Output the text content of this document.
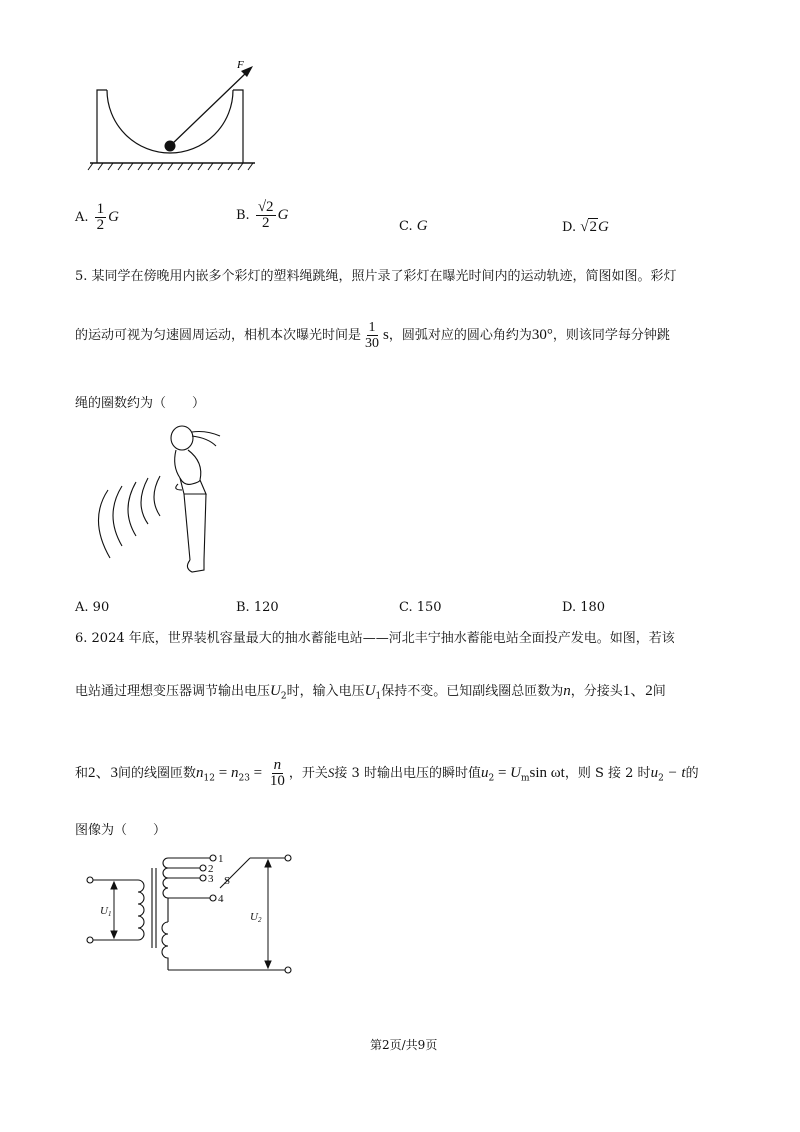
F
A. $\frac{1}{2}$ G	B. $\frac{√2}{2}$ G
C. G	D. √2G
5. 某同学在傍晚用内嵌多个彩灯的塑料绳跳绳，照片录了彩灯在曝光时间内的运动轨迹，简图如图。彩灯
的运动可视为匀速圆周运动，相机本次曝光时间是 $\frac{1}{30}$ s，圆弧对应的圆心角约为30°，则该同学每分钟跳
绳的圈数约为（　　）
A. 90	B. 120	C. 150	D. 180
6. 2024 年底，世界装机容量最大的抽水蓄能电站——河北丰宁抽水蓄能电站全面投产发电。如图，若该
电站通过理想变压器调节输出电压$U_2$时，输入电压$U_1$保持不变。已知副线圈总匝数为n，分接头1、2间
和2、3间的线圈匝数$n_{12} = n_{23} = \frac{n}{10}$ ，开关S接 3 时输出电压的瞬时值$u_2 = U_m\sin$ ωt，则 S 接 2 时$u_2 - t$的
图像为（　　）
1
2
3
4
S
U1	U2
第2页/共9页
